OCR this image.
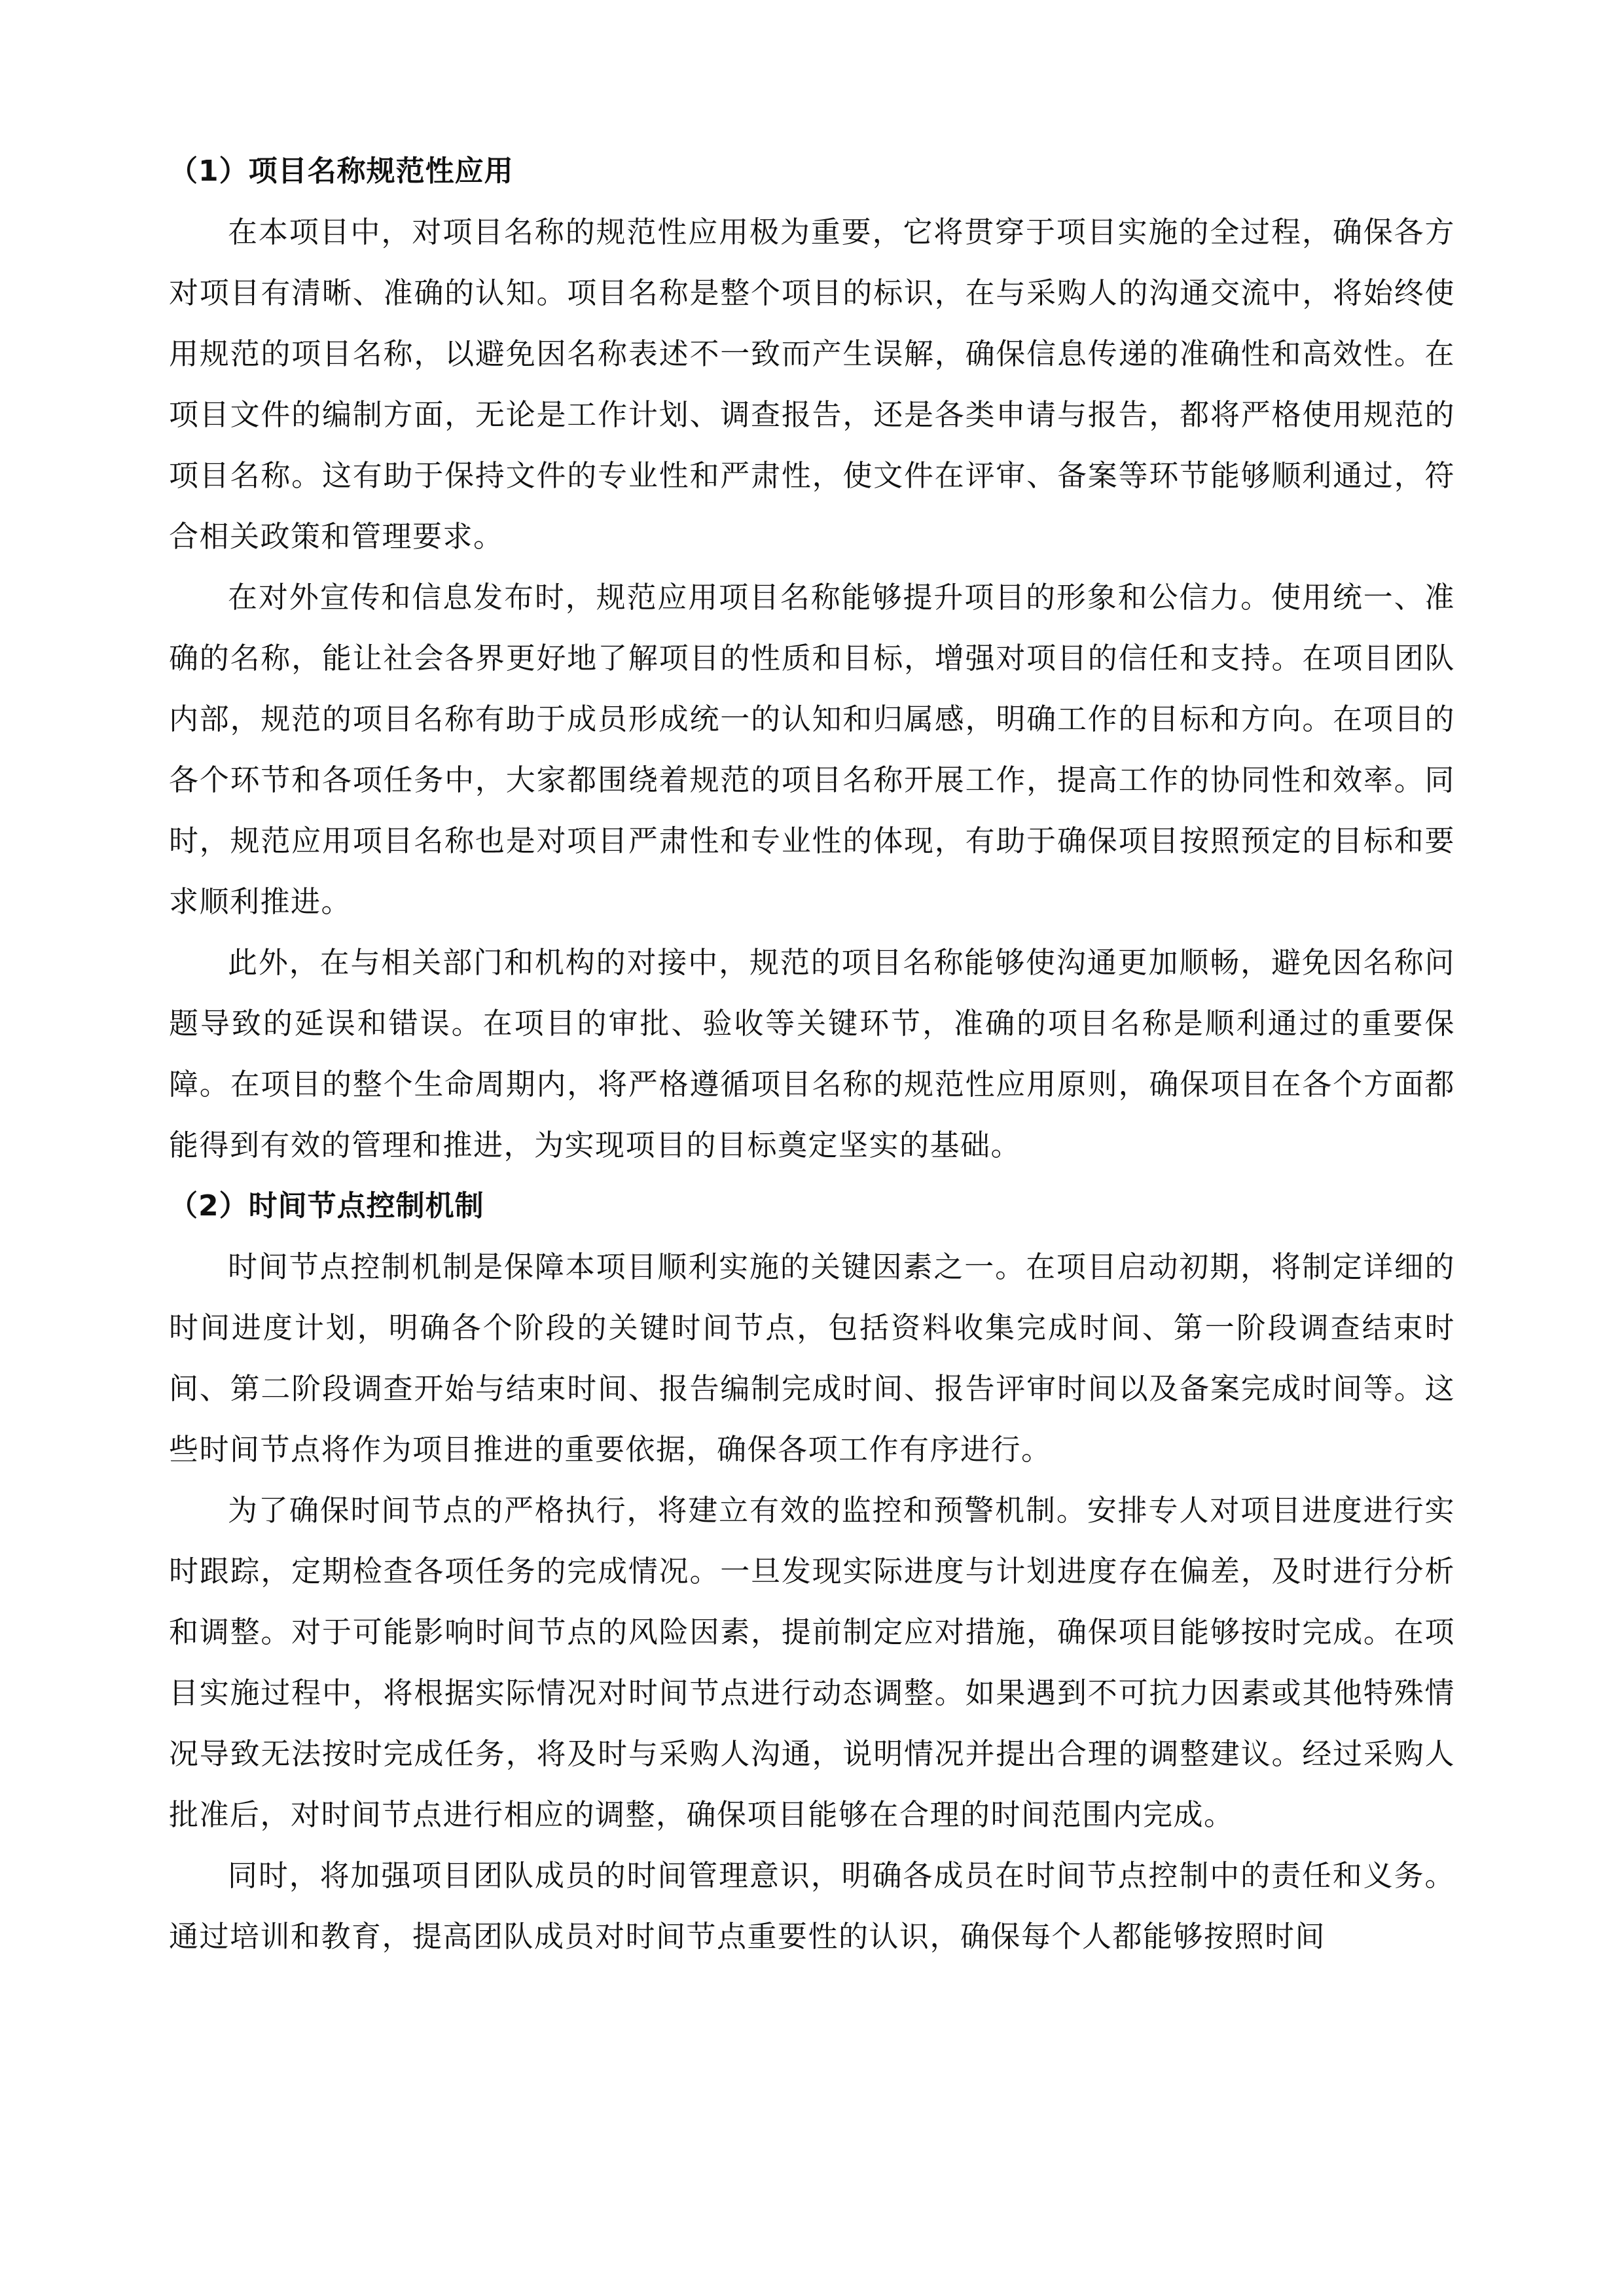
（1）项目名称规范性应用

在本项目中，对项目名称的规范性应用极为重要，它将贯穿于项目实施的全过程，确保各方对项目有清晰、准确的认知。项目名称是整个项目的标识，在与采购人的沟通交流中，将始终使用规范的项目名称，以避免因名称表述不一致而产生误解，确保信息传递的准确性和高效性。在项目文件的编制方面，无论是工作计划、调查报告，还是各类申请与报告，都将严格使用规范的项目名称。这有助于保持文件的专业性和严肃性，使文件在评审、备案等环节能够顺利通过，符合相关政策和管理要求。

在对外宣传和信息发布时，规范应用项目名称能够提升项目的形象和公信力。使用统一、准确的名称，能让社会各界更好地了解项目的性质和目标，增强对项目的信任和支持。在项目团队内部，规范的项目名称有助于成员形成统一的认知和归属感，明确工作的目标和方向。在项目的各个环节和各项任务中，大家都围绕着规范的项目名称开展工作，提高工作的协同性和效率。同时，规范应用项目名称也是对项目严肃性和专业性的体现，有助于确保项目按照预定的目标和要求顺利推进。

此外，在与相关部门和机构的对接中，规范的项目名称能够使沟通更加顺畅，避免因名称问题导致的延误和错误。在项目的审批、验收等关键环节，准确的项目名称是顺利通过的重要保障。在项目的整个生命周期内，将严格遵循项目名称的规范性应用原则，确保项目在各个方面都能得到有效的管理和推进，为实现项目的目标奠定坚实的基础。

（2）时间节点控制机制

时间节点控制机制是保障本项目顺利实施的关键因素之一。在项目启动初期，将制定详细的时间进度计划，明确各个阶段的关键时间节点，包括资料收集完成时间、第一阶段调查结束时间、第二阶段调查开始与结束时间、报告编制完成时间、报告评审时间以及备案完成时间等。这些时间节点将作为项目推进的重要依据，确保各项工作有序进行。

为了确保时间节点的严格执行，将建立有效的监控和预警机制。安排专人对项目进度进行实时跟踪，定期检查各项任务的完成情况。一旦发现实际进度与计划进度存在偏差，及时进行分析和调整。对于可能影响时间节点的风险因素，提前制定应对措施，确保项目能够按时完成。在项目实施过程中，将根据实际情况对时间节点进行动态调整。如果遇到不可抗力因素或其他特殊情况导致无法按时完成任务，将及时与采购人沟通，说明情况并提出合理的调整建议。经过采购人批准后，对时间节点进行相应的调整，确保项目能够在合理的时间范围内完成。

同时，将加强项目团队成员的时间管理意识，明确各成员在时间节点控制中的责任和义务。通过培训和教育，提高团队成员对时间节点重要性的认识，确保每个人都能够按照时间
